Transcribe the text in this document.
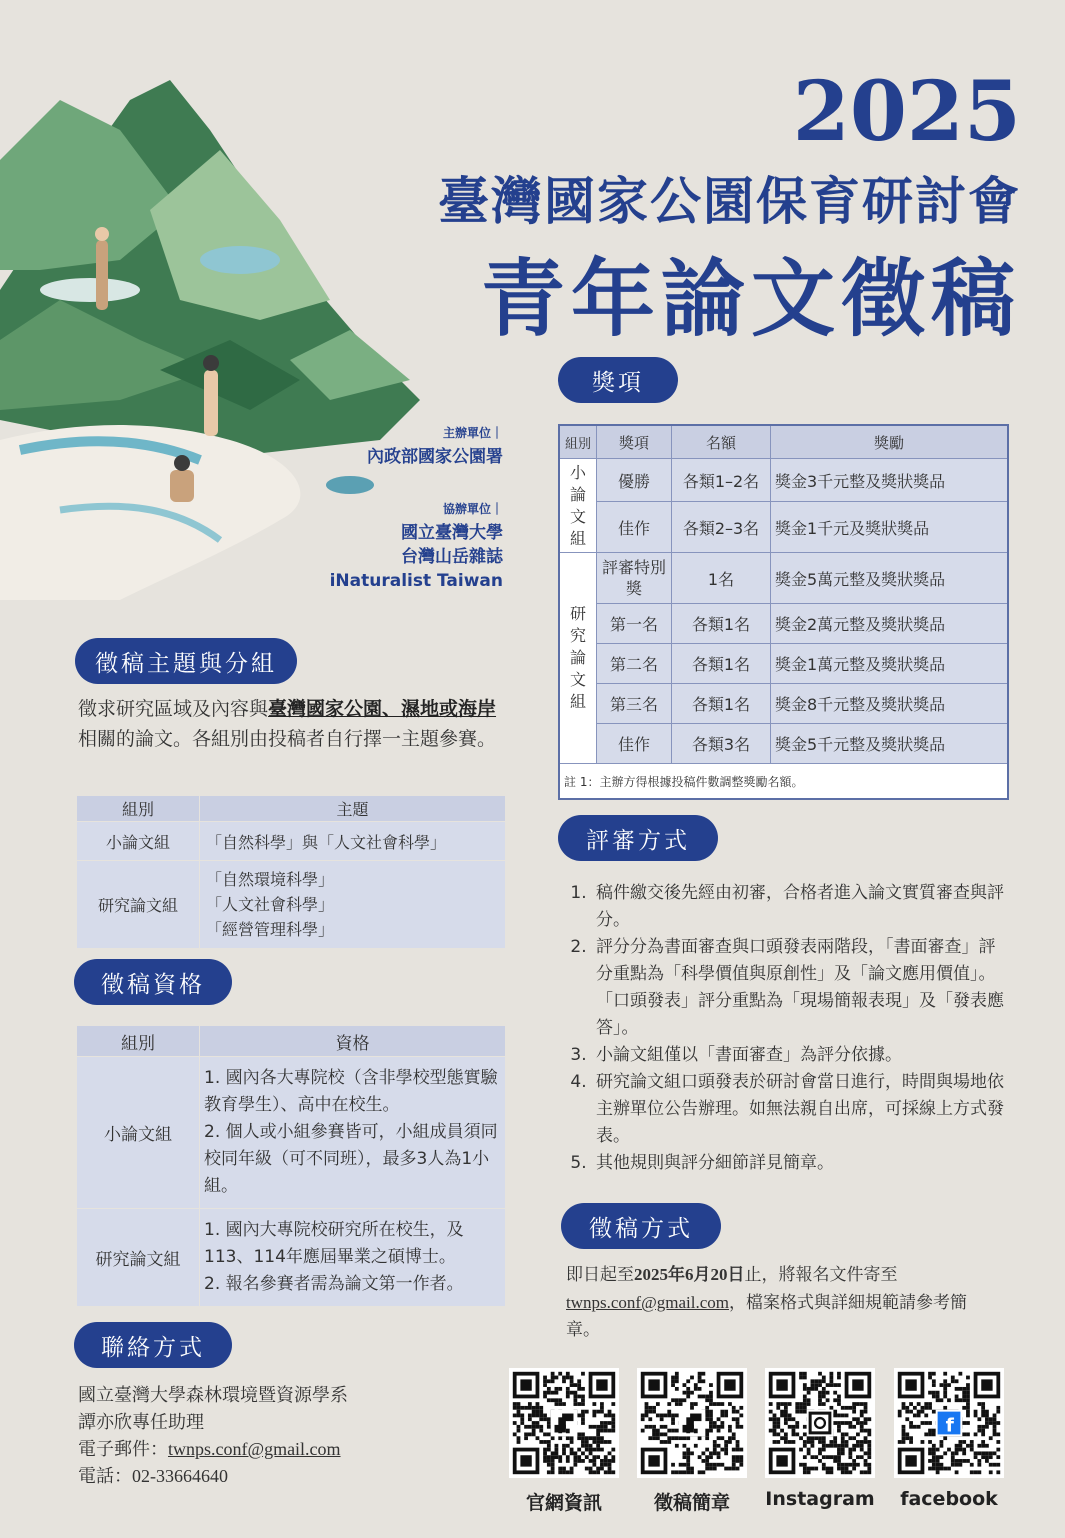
2025
臺灣國家公園保育研討會
青年論文徵稿
主辦單位｜
內政部國家公園署
協辦單位｜
國立臺灣大學
台灣山岳雜誌
iNaturalist Taiwan
徵稿主題與分組
徵求研究區域及內容與臺灣國家公園、濕地或海岸相關的論文。各組別由投稿者自行擇一主題參賽。
組別	主題
小論文組	「自然科學」與「人文社會科學」
研究論文組	「自然環境科學」
「人文社會科學」
「經營管理科學」
徵稿資格
組別	資格
小論文組	1. 國內各大專院校（含非學校型態實驗教育學生）、高中在校生。
2. 個人或小組參賽皆可，小組成員須同校同年級（可不同班），最多3人為1小組。

研究論文組	1. 國內大專院校研究所在校生，及113、114年應屆畢業之碩博士。
2. 報名參賽者需為論文第一作者。
聯絡方式
國立臺灣大學森林環境暨資源學系
譚亦欣專任助理
電子郵件：twnps.conf@gmail.com
電話：02-33664640
獎項
組別	獎項	名額	獎勵

小
論
文
組	優勝	各類1–2名	獎金3千元整及獎狀獎品
	佳作	各類2–3名	獎金1千元及獎狀獎品

研
究
論
文
組	評審特別獎	1名	獎金5萬元整及獎狀獎品
	第一名	各類1名	獎金2萬元整及獎狀獎品
	第二名	各類1名	獎金1萬元整及獎狀獎品
	第三名	各類1名	獎金8千元整及獎狀獎品
	佳作	各類3名	獎金5千元整及獎狀獎品
註 1：主辦方得根據投稿件數調整獎勵名額。			
評審方式
1. 稿件繳交後先經由初審，合格者進入論文實質審查與評分。
2. 評分分為書面審查與口頭發表兩階段，「書面審查」評分重點為「科學價值與原創性」及「論文應用價值」。「口頭發表」評分重點為「現場簡報表現」及「發表應答」。
3. 小論文組僅以「書面審查」為評分依據。
4. 研究論文組口頭發表於研討會當日進行，時間與場地依主辦單位公告辦理。如無法親自出席，可採線上方式發表。
5. 其他規則與評分細節詳見簡章。
徵稿方式
即日起至2025年6月20日止，將報名文件寄至
twnps.conf@gmail.com，檔案格式與詳細規範請參考簡章。
f
官網資訊	徵稿簡章	Instagram	facebook
